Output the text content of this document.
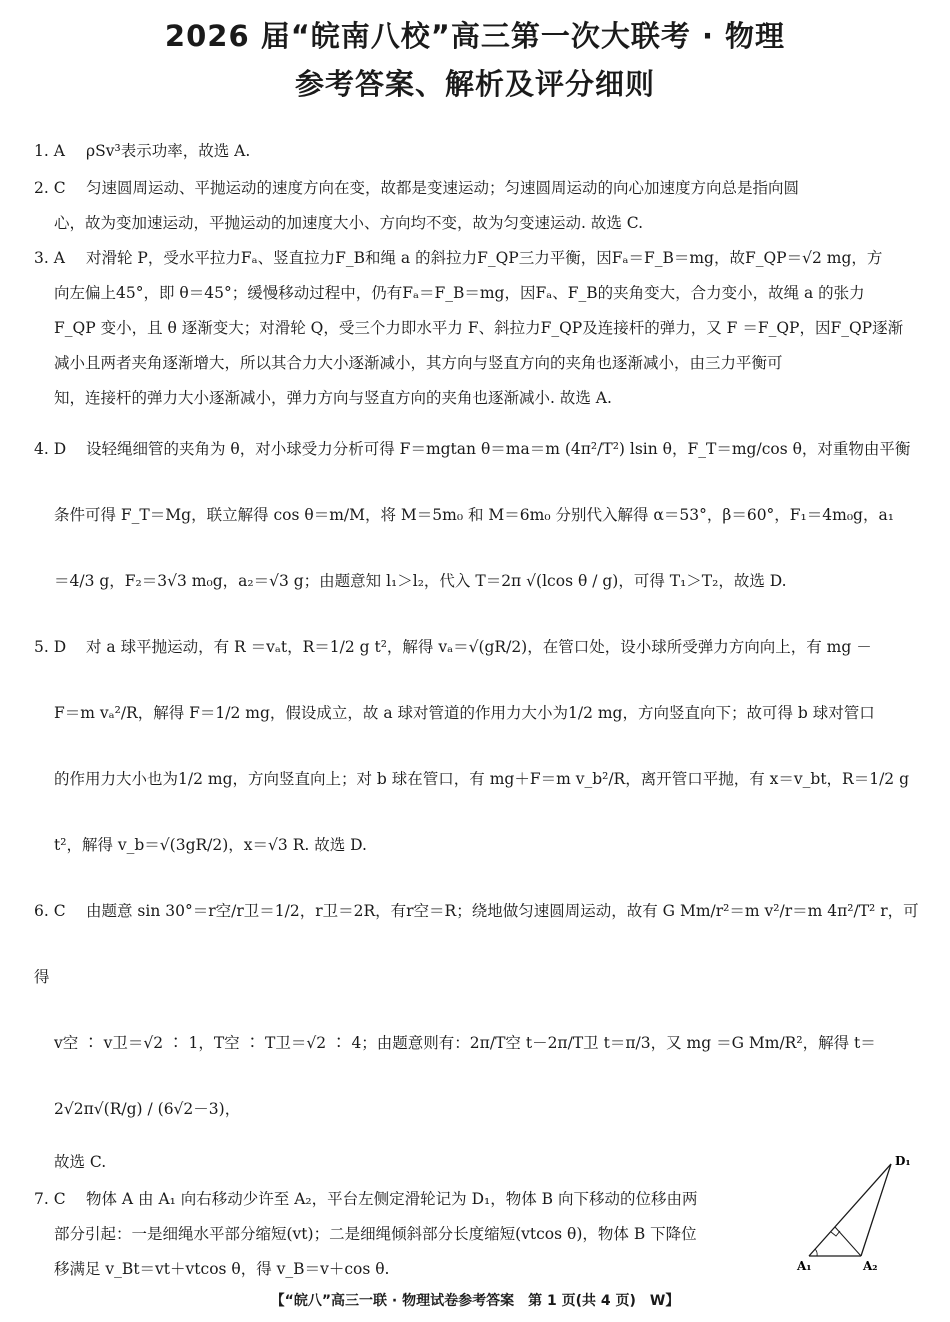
2026 届“皖南八校”高三第一次大联考 · 物理
参考答案、解析及评分细则
1. A ρSv³表示功率，故选 A.
2. C 匀速圆周运动、平抛运动的速度方向在变，故都是变速运动；匀速圆周运动的向心加速度方向总是指向圆
心，故为变加速运动，平抛运动的加速度大小、方向均不变，故为匀变速运动. 故选 C.
3. A 对滑轮 P，受水平拉力Fₐ、竖直拉力F_B和绳 a 的斜拉力F_QP三力平衡，因Fₐ＝F_B＝mg，故F_QP＝√2 mg，方
向左偏上45°，即 θ＝45°；缓慢移动过程中，仍有Fₐ＝F_B＝mg，因Fₐ、F_B的夹角变大，合力变小，故绳 a 的张力
F_QP 变小，且 θ 逐渐变大；对滑轮 Q，受三个力即水平力 F、斜拉力F_QP及连接杆的弹力，又 F ＝F_QP，因F_QP逐渐
减小且两者夹角逐渐增大，所以其合力大小逐渐减小，其方向与竖直方向的夹角也逐渐减小，由三力平衡可
知，连接杆的弹力大小逐渐减小，弹力方向与竖直方向的夹角也逐渐减小. 故选 A.
4. D 设轻绳细管的夹角为 θ，对小球受力分析可得 F＝mgtan θ＝ma＝m (4π²/T²) lsin θ，F_T＝mg/cos θ，对重物由平衡
条件可得 F_T＝Mg，联立解得 cos θ＝m/M，将 M＝5m₀ 和 M＝6m₀ 分别代入解得 α＝53°，β＝60°，F₁＝4m₀g，a₁
＝4/3 g，F₂＝3√3 m₀g，a₂＝√3 g；由题意知 l₁＞l₂，代入 T＝2π √(lcos θ / g)，可得 T₁＞T₂，故选 D.
5. D 对 a 球平抛运动，有 R ＝vₐt，R＝1/2 g t²，解得 vₐ＝√(gR/2)，在管口处，设小球所受弹力方向向上，有 mg －
F＝m vₐ²/R，解得 F＝1/2 mg，假设成立，故 a 球对管道的作用力大小为1/2 mg，方向竖直向下；故可得 b 球对管口
的作用力大小也为1/2 mg，方向竖直向上；对 b 球在管口，有 mg＋F＝m v_b²/R，离开管口平抛，有 x＝v_bt，R＝1/2 g
t²，解得 v_b＝√(3gR/2)，x＝√3 R. 故选 D.
6. C 由题意 sin 30°＝r空/r卫＝1/2，r卫＝2R，有r空＝R；绕地做匀速圆周运动，故有 G Mm/r²＝m v²/r＝m 4π²/T² r，可得
v空 ∶ v卫＝√2 ∶ 1，T空 ∶ T卫＝√2 ∶ 4；由题意则有：2π/T空 t－2π/T卫 t＝π/3，又 mg ＝G Mm/R²，解得 t＝2√2π√(R/g) / (6√2－3)，
故选 C.
7. C 物体 A 由 A₁ 向右移动少许至 A₂，平台左侧定滑轮记为 D₁，物体 B 向下移动的位移由两
部分引起：一是细绳水平部分缩短(vt)；二是细绳倾斜部分长度缩短(vtcos θ)，物体 B 下降位
移满足 v_Bt＝vt＋vtcos θ，得 v_B＝v＋cos θ.
D₁
A₁	A₂
【“皖八”高三一联 · 物理试卷参考答案　第 1 页(共 4 页)　W】
